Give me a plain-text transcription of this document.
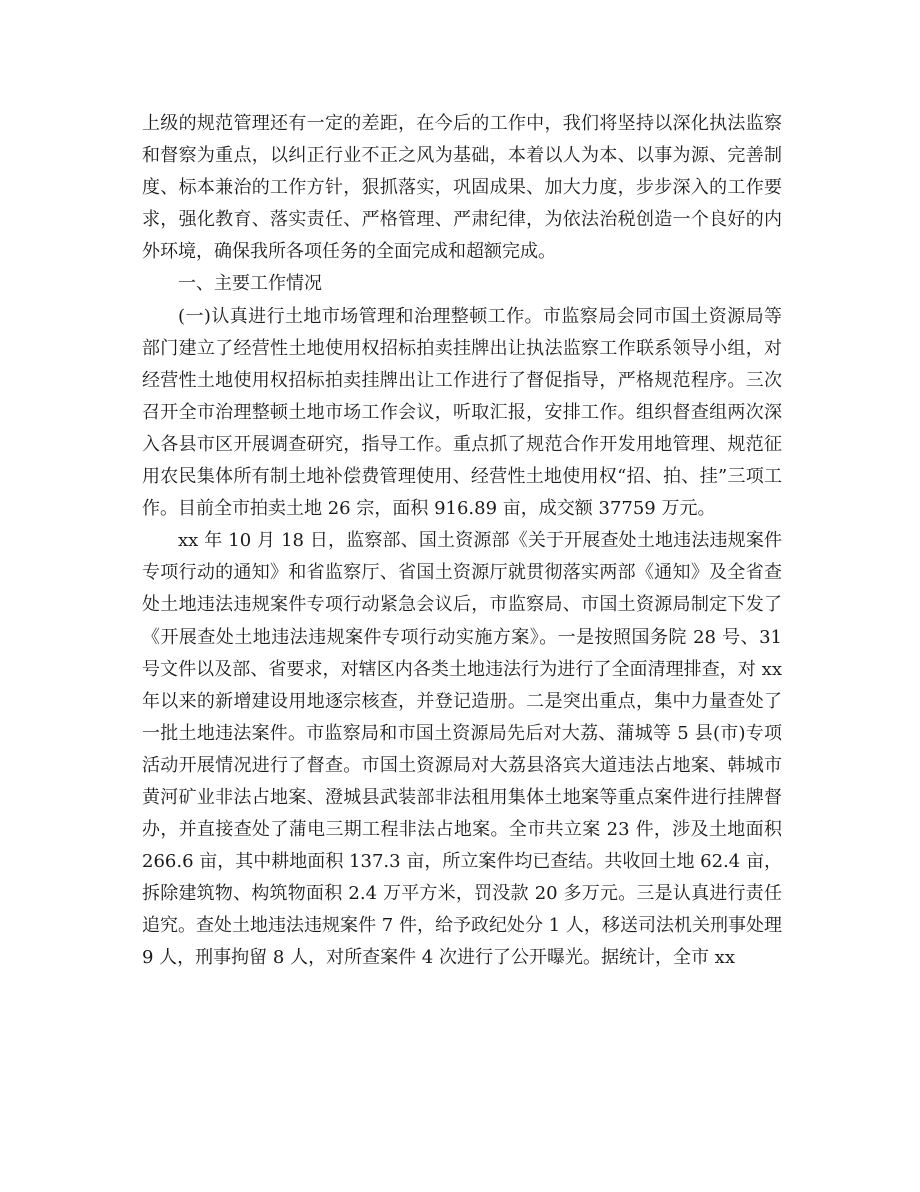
上级的规范管理还有一定的差距，在今后的工作中，我们将坚持以深化执法监察和督察为重点，以纠正行业不正之风为基础，本着以人为本、以事为源、完善制度、标本兼治的工作方针，狠抓落实，巩固成果、加大力度，步步深入的工作要求，强化教育、落实责任、严格管理、严肃纪律，为依法治税创造一个良好的内外环境，确保我所各项任务的全面完成和超额完成。

一、主要工作情况

(一)认真进行土地市场管理和治理整顿工作。市监察局会同市国土资源局等部门建立了经营性土地使用权招标拍卖挂牌出让执法监察工作联系领导小组，对经营性土地使用权招标拍卖挂牌出让工作进行了督促指导，严格规范程序。三次召开全市治理整顿土地市场工作会议，听取汇报，安排工作。组织督查组两次深入各县市区开展调查研究，指导工作。重点抓了规范合作开发用地管理、规范征用农民集体所有制土地补偿费管理使用、经营性土地使用权“招、拍、挂”三项工作。目前全市拍卖土地 26 宗，面积 916.89 亩，成交额 37759 万元。

xx 年 10 月 18 日，监察部、国土资源部《关于开展查处土地违法违规案件专项行动的通知》和省监察厅、省国土资源厅就贯彻落实两部《通知》及全省查处土地违法违规案件专项行动紧急会议后，市监察局、市国土资源局制定下发了《开展查处土地违法违规案件专项行动实施方案》。一是按照国务院 28 号、31 号文件以及部、省要求，对辖区内各类土地违法行为进行了全面清理排查，对 xx 年以来的新增建设用地逐宗核查，并登记造册。二是突出重点，集中力量查处了一批土地违法案件。市监察局和市国土资源局先后对大荔、蒲城等 5 县(市)专项活动开展情况进行了督查。市国土资源局对大荔县洛宾大道违法占地案、韩城市黄河矿业非法占地案、澄城县武装部非法租用集体土地案等重点案件进行挂牌督办，并直接查处了蒲电三期工程非法占地案。全市共立案 23 件，涉及土地面积 266.6 亩，其中耕地面积 137.3 亩，所立案件均已查结。共收回土地 62.4 亩，拆除建筑物、构筑物面积 2.4 万平方米，罚没款 20 多万元。三是认真进行责任追究。查处土地违法违规案件 7 件，给予政纪处分 1 人，移送司法机关刑事处理 9 人，刑事拘留 8 人，对所查案件 4 次进行了公开曝光。据统计，全市 xx
